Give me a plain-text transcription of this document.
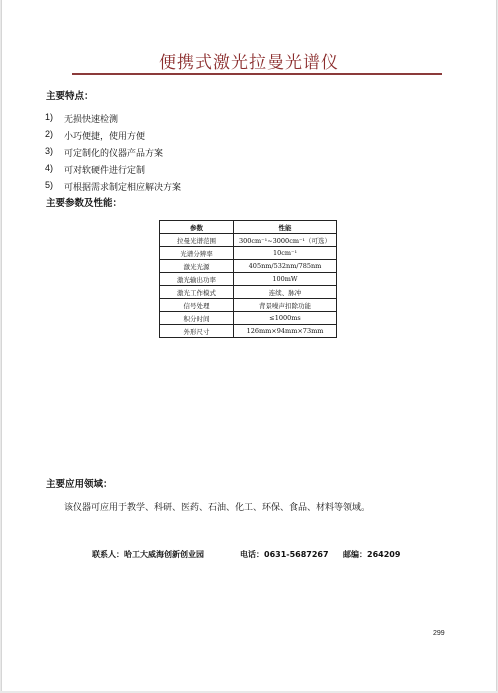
便携式激光拉曼光谱仪
主要特点：
1)	无损快速检测
2)	小巧便捷，使用方便
3)	可定制化的仪器产品方案
4)	可对软硬件进行定制
5)	可根据需求制定相应解决方案
主要参数及性能：
参数	性能
拉曼光谱范围	300cm⁻¹~3000cm⁻¹（可选）
光谱分辨率	10cm⁻¹
激光光源	405nm/532nm/785nm
激光输出功率	100mW
激光工作模式	连续、脉冲
信号处理	背景噪声扣除功能
积分时间	≤1000ms
外形尺寸	126mm×94mm×73mm
主要应用领域：
该仪器可应用于教学、科研、医药、石油、化工、环保、食品、材料等领域。
联系人：哈工大威海创新创业园	电话：0631-5687267 邮编：264209
299
